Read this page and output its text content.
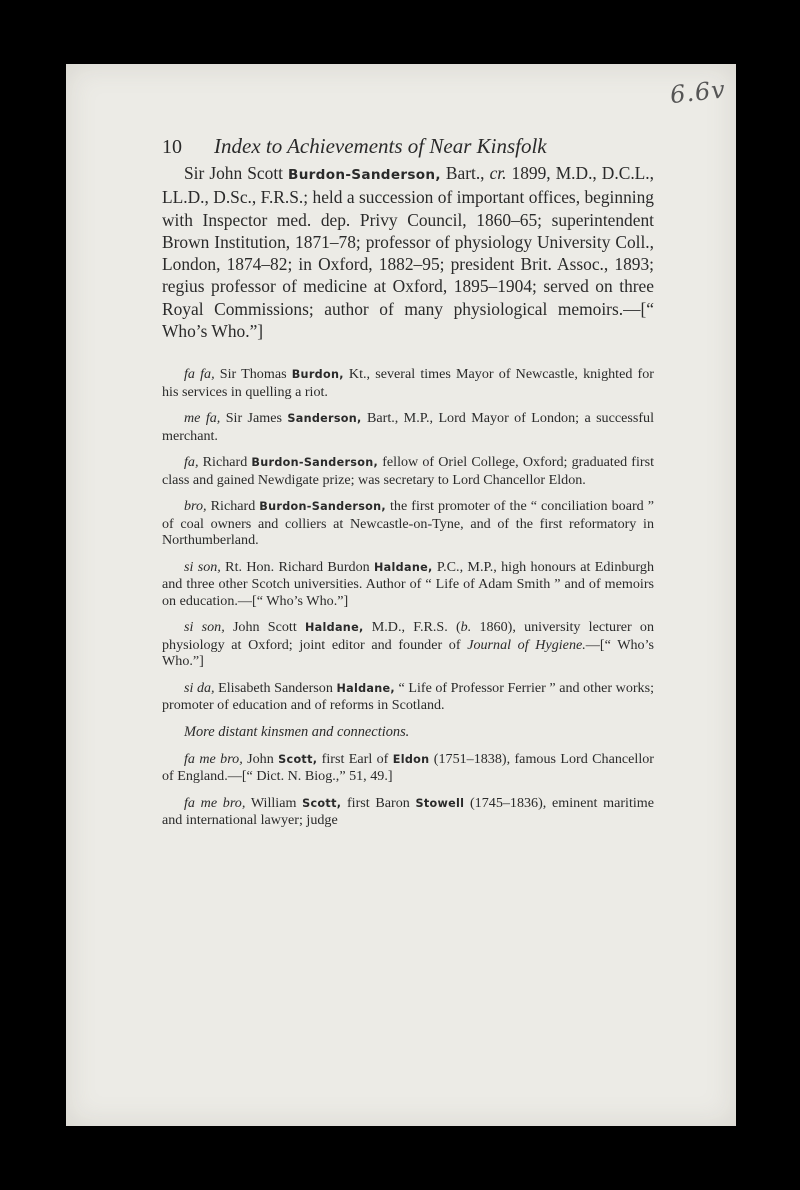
6.6v
10 Index to Achievements of Near Kinsfolk

Sir John Scott Burdon-Sanderson, Bart., cr. 1899, M.D., D.C.L., LL.D., D.Sc., F.R.S.; held a succession of important offices, beginning with Inspector med. dep. Privy Council, 1860–65; superintendent Brown Institution, 1871–78; professor of physiology University Coll., London, 1874–82; in Oxford, 1882–95; president Brit. Assoc., 1893; regius professor of medicine at Oxford, 1895–1904; served on three Royal Commissions; author of many physiological memoirs.—[“ Who’s Who.”]

fa fa, Sir Thomas Burdon, Kt., several times Mayor of Newcastle, knighted for his services in quelling a riot.

me fa, Sir James Sanderson, Bart., M.P., Lord Mayor of London; a successful merchant.

fa, Richard Burdon-Sanderson, fellow of Oriel College, Oxford; graduated first class and gained Newdigate prize; was secretary to Lord Chancellor Eldon.

bro, Richard Burdon-Sanderson, the first promoter of the “ conciliation board ” of coal owners and colliers at Newcastle-on-Tyne, and of the first reformatory in Northumberland.

si son, Rt. Hon. Richard Burdon Haldane, P.C., M.P., high honours at Edinburgh and three other Scotch universities. Author of “ Life of Adam Smith ” and of memoirs on education.—[“ Who’s Who.”]

si son, John Scott Haldane, M.D., F.R.S. (b. 1860), university lecturer on physiology at Oxford; joint editor and founder of Journal of Hygiene.—[“ Who’s Who.”]

si da, Elisabeth Sanderson Haldane, “ Life of Professor Ferrier ” and other works; promoter of education and of reforms in Scotland.

More distant kinsmen and connections.

fa me bro, John Scott, first Earl of Eldon (1751–1838), famous Lord Chancellor of England.—[“ Dict. N. Biog.,” 51, 49.]

fa me bro, William Scott, first Baron Stowell (1745–1836), eminent maritime and international lawyer; judge
